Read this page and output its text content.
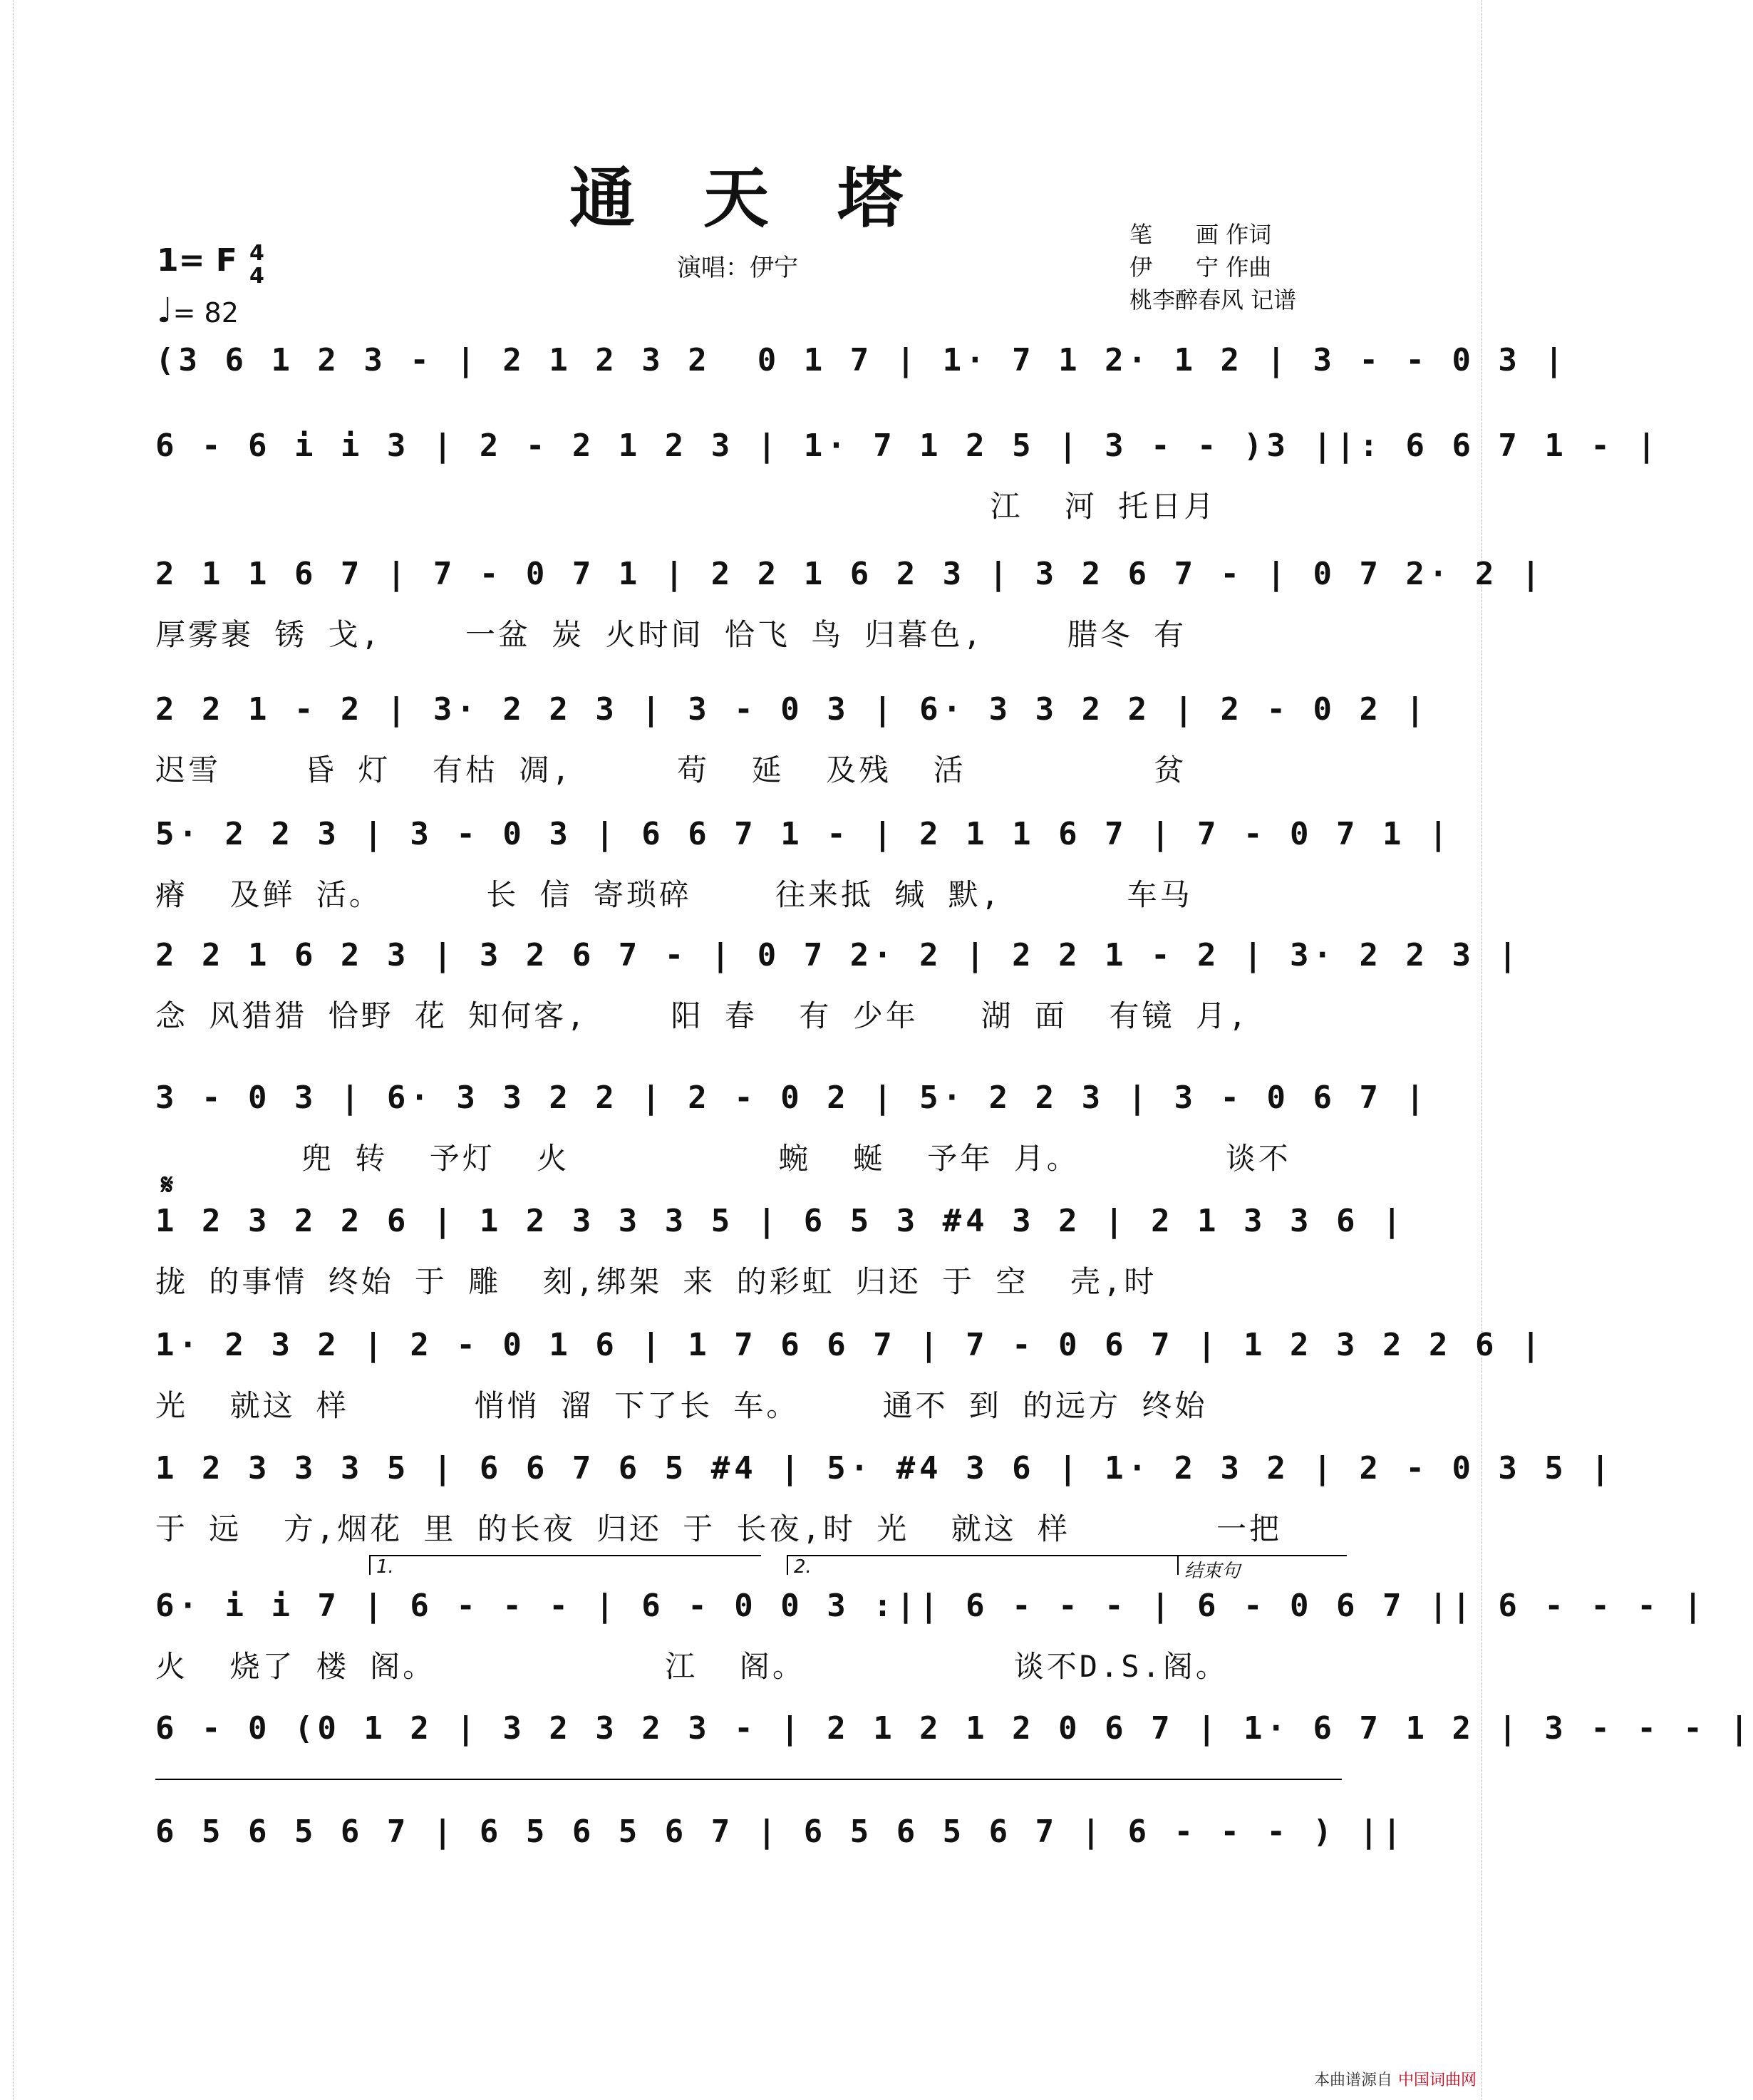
通 天 塔
1= F 4
4
♩= 82
演唱：伊宁
笔      画 作词
伊      宁 作曲
桃李醉春风 记谱
𝄋
1.	2.	结束句
(3 6 1 2 3 - | 2 1 2 3 2  0 1 7 | 1· 7 1 2· 1 2 | 3 - - 0 3 |
6 - 6 i i 3 | 2 - 2 1 2 3 | 1· 7 1 2 5 | 3 - - )3 ||: 6 6 7 1 - |
江  河 托日月
2 1 1 6 7 | 7 - 0 7 1 | 2 2 1 6 2 3 | 3 2 6 7 - | 0 7 2· 2 |
厚雾裹 锈 戈,    一盆 炭 火时间 恰飞 鸟 归暮色,    腊冬 有
2 2 1 - 2 | 3· 2 2 3 | 3 - 0 3 | 6· 3 3 2 2 | 2 - 0 2 |
迟雪    昏 灯  有枯 凋,     苟  延  及残  活         贫
5· 2 2 3 | 3 - 0 3 | 6 6 7 1 - | 2 1 1 6 7 | 7 - 0 7 1 |
瘠  及鲜 活。     长 信 寄琐碎    往来抵 缄 默,      车马
2 2 1 6 2 3 | 3 2 6 7 - | 0 7 2· 2 | 2 2 1 - 2 | 3· 2 2 3 |
念 风猎猎 恰野 花 知何客,    阳 春  有 少年   湖 面  有镜 月,
3 - 0 3 | 6· 3 3 2 2 | 2 - 0 2 | 5· 2 2 3 | 3 - 0 6 7 |
兜 转  予灯  火          蜿  蜒  予年 月。       谈不
1 2 3 2 2 6 | 1 2 3 3 3 5 | 6 5 3 #4 3 2 | 2 1 3 3 6 |
拢 的事情 终始 于 雕  刻,绑架 来 的彩虹 归还 于 空  壳,时
1· 2 3 2 | 2 - 0 1 6 | 1 7 6 6 7 | 7 - 0 6 7 | 1 2 3 2 2 6 |
光  就这 样      悄悄 溜 下了长 车。    通不 到 的远方 终始
1 2 3 3 3 5 | 6 6 7 6 5 #4 | 5· #4 3 6 | 1· 2 3 2 | 2 - 0 3 5 |
于 远  方,烟花 里 的长夜 归还 于 长夜,时 光  就这 样       一把
6· i i 7 | 6 - - - | 6 - 0 0 3 :|| 6 - - - | 6 - 0 6 7 || 6 - - - |
火  烧了 楼 阁。           江  阁。          谈不D.S.阁。
6 - 0 (0 1 2 | 3 2 3 2 3 - | 2 1 2 1 2 0 6 7 | 1· 6 7 1 2 | 3 - - - |
6 5 6 5 6 7 | 6 5 6 5 6 7 | 6 5 6 5 6 7 | 6 - - - ) ||
本曲谱源自 中国词曲网
